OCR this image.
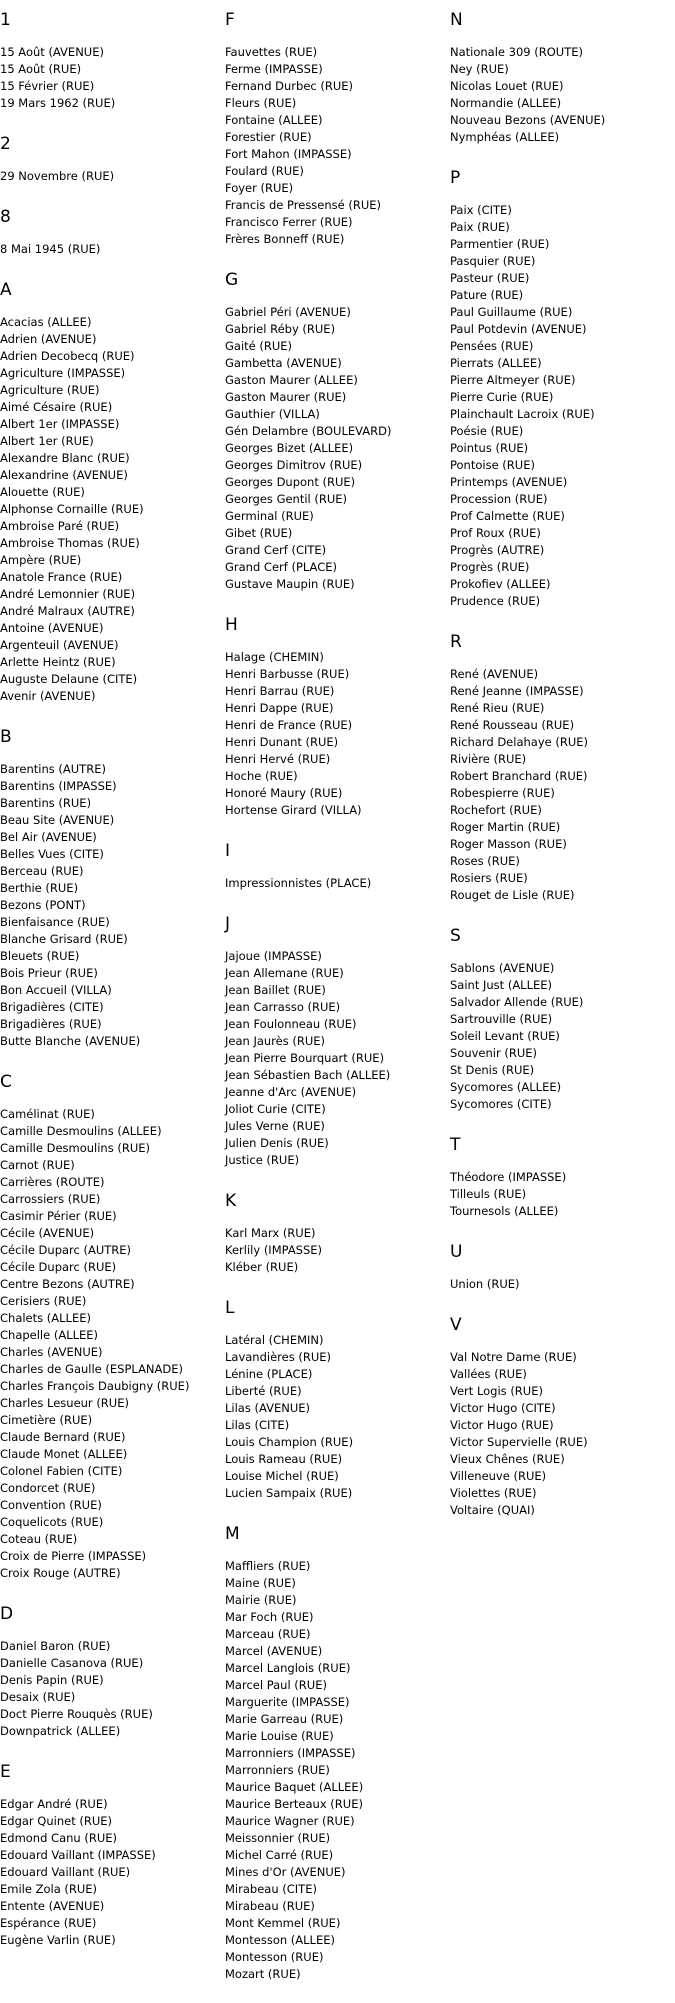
1
15 Août (AVENUE)
15 Août (RUE)
15 Février (RUE)
19 Mars 1962 (RUE)
2
29 Novembre (RUE)
8
8 Mai 1945 (RUE)
A
Acacias (ALLEE)
Adrien (AVENUE)
Adrien Decobecq (RUE)
Agriculture (IMPASSE)
Agriculture (RUE)
Aimé Césaire (RUE)
Albert 1er (IMPASSE)
Albert 1er (RUE)
Alexandre Blanc (RUE)
Alexandrine (AVENUE)
Alouette (RUE)
Alphonse Cornaille (RUE)
Ambroise Paré (RUE)
Ambroise Thomas (RUE)
Ampère (RUE)
Anatole France (RUE)
André Lemonnier (RUE)
André Malraux (AUTRE)
Antoine (AVENUE)
Argenteuil (AVENUE)
Arlette Heintz (RUE)
Auguste Delaune (CITE)
Avenir (AVENUE)
B
Barentins (AUTRE)
Barentins (IMPASSE)
Barentins (RUE)
Beau Site (AVENUE)
Bel Air (AVENUE)
Belles Vues (CITE)
Berceau (RUE)
Berthie (RUE)
Bezons (PONT)
Bienfaisance (RUE)
Blanche Grisard (RUE)
Bleuets (RUE)
Bois Prieur (RUE)
Bon Accueil (VILLA)
Brigadières (CITE)
Brigadières (RUE)
Butte Blanche (AVENUE)
C
Camélinat (RUE)
Camille Desmoulins (ALLEE)
Camille Desmoulins (RUE)
Carnot (RUE)
Carrières (ROUTE)
Carrossiers (RUE)
Casimir Périer (RUE)
Cécile (AVENUE)
Cécile Duparc (AUTRE)
Cécile Duparc (RUE)
Centre Bezons (AUTRE)
Cerisiers (RUE)
Chalets (ALLEE)
Chapelle (ALLEE)
Charles (AVENUE)
Charles de Gaulle (ESPLANADE)
Charles François Daubigny (RUE)
Charles Lesueur (RUE)
Cimetière (RUE)
Claude Bernard (RUE)
Claude Monet (ALLEE)
Colonel Fabien (CITE)
Condorcet (RUE)
Convention (RUE)
Coquelicots (RUE)
Coteau (RUE)
Croix de Pierre (IMPASSE)
Croix Rouge (AUTRE)
D
Daniel Baron (RUE)
Danielle Casanova (RUE)
Denis Papin (RUE)
Desaix (RUE)
Doct Pierre Rouquès (RUE)
Downpatrick (ALLEE)
E
Edgar André (RUE)
Edgar Quinet (RUE)
Edmond Canu (RUE)
Edouard Vaillant (IMPASSE)
Edouard Vaillant (RUE)
Emile Zola (RUE)
Entente (AVENUE)
Espérance (RUE)
Eugène Varlin (RUE)
F
Fauvettes (RUE)
Ferme (IMPASSE)
Fernand Durbec (RUE)
Fleurs (RUE)
Fontaine (ALLEE)
Forestier (RUE)
Fort Mahon (IMPASSE)
Foulard (RUE)
Foyer (RUE)
Francis de Pressensé (RUE)
Francisco Ferrer (RUE)
Frères Bonneff (RUE)
G
Gabriel Péri (AVENUE)
Gabriel Réby (RUE)
Gaité (RUE)
Gambetta (AVENUE)
Gaston Maurer (ALLEE)
Gaston Maurer (RUE)
Gauthier (VILLA)
Gén Delambre (BOULEVARD)
Georges Bizet (ALLEE)
Georges Dimitrov (RUE)
Georges Dupont (RUE)
Georges Gentil (RUE)
Germinal (RUE)
Gibet (RUE)
Grand Cerf (CITE)
Grand Cerf (PLACE)
Gustave Maupin (RUE)
H
Halage (CHEMIN)
Henri Barbusse (RUE)
Henri Barrau (RUE)
Henri Dappe (RUE)
Henri de France (RUE)
Henri Dunant (RUE)
Henri Hervé (RUE)
Hoche (RUE)
Honoré Maury (RUE)
Hortense Girard (VILLA)
I
Impressionnistes (PLACE)
J
Jajoue (IMPASSE)
Jean Allemane (RUE)
Jean Baillet (RUE)
Jean Carrasso (RUE)
Jean Foulonneau (RUE)
Jean Jaurès (RUE)
Jean Pierre Bourquart (RUE)
Jean Sébastien Bach (ALLEE)
Jeanne d'Arc (AVENUE)
Joliot Curie (CITE)
Jules Verne (RUE)
Julien Denis (RUE)
Justice (RUE)
K
Karl Marx (RUE)
Kerlily (IMPASSE)
Kléber (RUE)
L
Latéral (CHEMIN)
Lavandières (RUE)
Lénine (PLACE)
Liberté (RUE)
Lilas (AVENUE)
Lilas (CITE)
Louis Champion (RUE)
Louis Rameau (RUE)
Louise Michel (RUE)
Lucien Sampaix (RUE)
M
Maffliers (RUE)
Maine (RUE)
Mairie (RUE)
Mar Foch (RUE)
Marceau (RUE)
Marcel (AVENUE)
Marcel Langlois (RUE)
Marcel Paul (RUE)
Marguerite (IMPASSE)
Marie Garreau (RUE)
Marie Louise (RUE)
Marronniers (IMPASSE)
Marronniers (RUE)
Maurice Baquet (ALLEE)
Maurice Berteaux (RUE)
Maurice Wagner (RUE)
Meissonnier (RUE)
Michel Carré (RUE)
Mines d'Or (AVENUE)
Mirabeau (CITE)
Mirabeau (RUE)
Mont Kemmel (RUE)
Montesson (ALLEE)
Montesson (RUE)
Mozart (RUE)
N
Nationale 309 (ROUTE)
Ney (RUE)
Nicolas Louet (RUE)
Normandie (ALLEE)
Nouveau Bezons (AVENUE)
Nymphéas (ALLEE)
P
Paix (CITE)
Paix (RUE)
Parmentier (RUE)
Pasquier (RUE)
Pasteur (RUE)
Pature (RUE)
Paul Guillaume (RUE)
Paul Potdevin (AVENUE)
Pensées (RUE)
Pierrats (ALLEE)
Pierre Altmeyer (RUE)
Pierre Curie (RUE)
Plainchault Lacroix (RUE)
Poésie (RUE)
Pointus (RUE)
Pontoise (RUE)
Printemps (AVENUE)
Procession (RUE)
Prof Calmette (RUE)
Prof Roux (RUE)
Progrès (AUTRE)
Progrès (RUE)
Prokofiev (ALLEE)
Prudence (RUE)
R
René (AVENUE)
René Jeanne (IMPASSE)
René Rieu (RUE)
René Rousseau (RUE)
Richard Delahaye (RUE)
Rivière (RUE)
Robert Branchard (RUE)
Robespierre (RUE)
Rochefort (RUE)
Roger Martin (RUE)
Roger Masson (RUE)
Roses (RUE)
Rosiers (RUE)
Rouget de Lisle (RUE)
S
Sablons (AVENUE)
Saint Just (ALLEE)
Salvador Allende (RUE)
Sartrouville (RUE)
Soleil Levant (RUE)
Souvenir (RUE)
St Denis (RUE)
Sycomores (ALLEE)
Sycomores (CITE)
T
Théodore (IMPASSE)
Tilleuls (RUE)
Tournesols (ALLEE)
U
Union (RUE)
V
Val Notre Dame (RUE)
Vallées (RUE)
Vert Logis (RUE)
Victor Hugo (CITE)
Victor Hugo (RUE)
Victor Supervielle (RUE)
Vieux Chênes (RUE)
Villeneuve (RUE)
Violettes (RUE)
Voltaire (QUAI)
